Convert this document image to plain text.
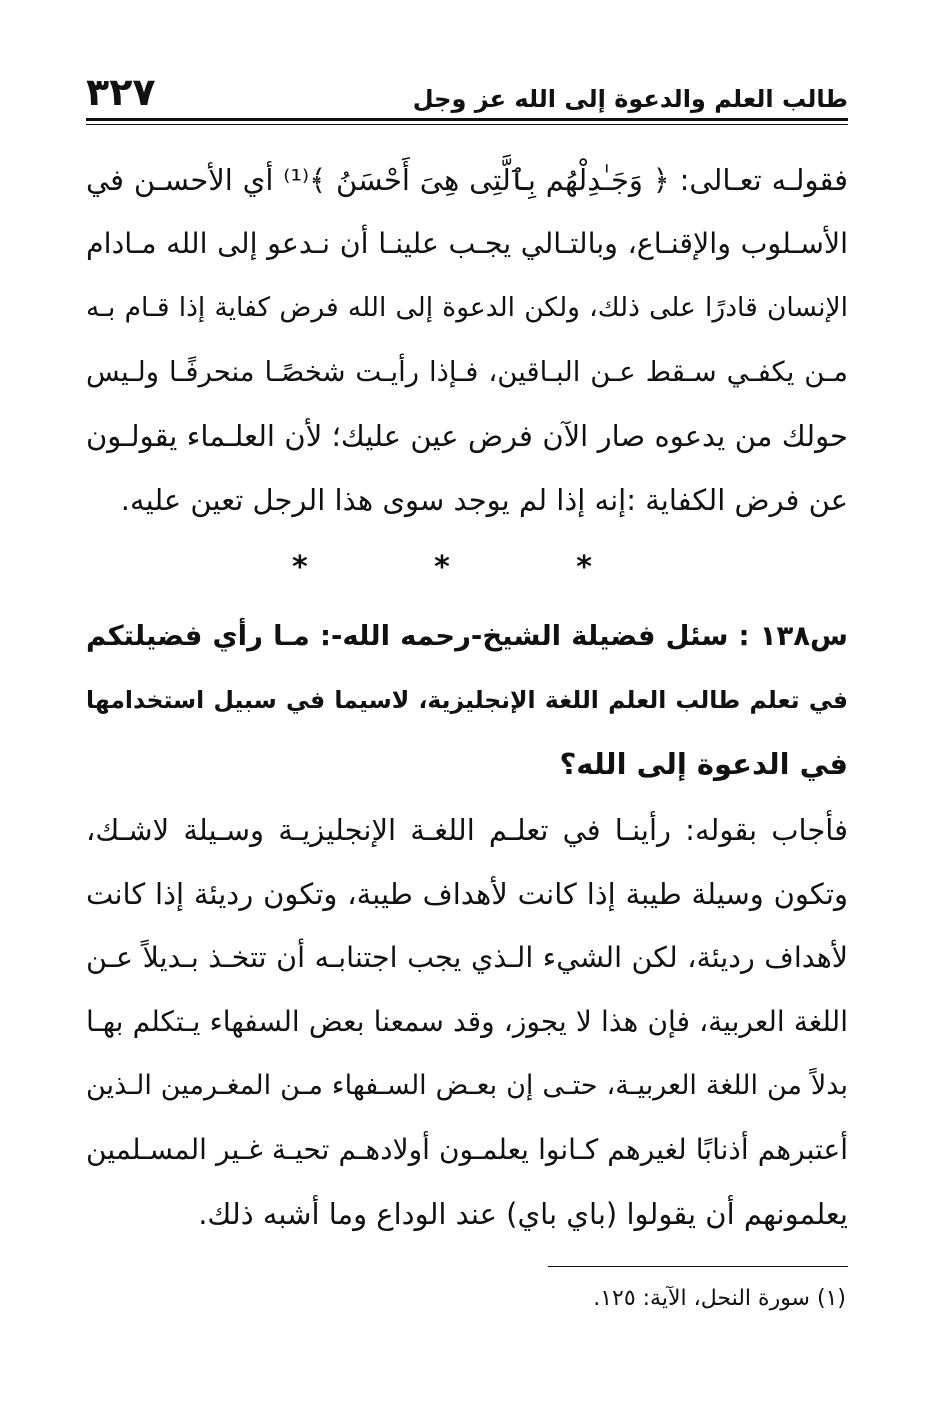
طالب العلم والدعوة إلى الله عز وجل
٣٢٧
فقولـه تعـالى: ﴿ وَجَـٰدِلْهُم بِٱلَّتِى هِىَ أَحْسَنُ ﴾⁽¹⁾ أي الأحسـن في
الأسـلوب والإقنـاع، وبالتـالي يجـب علينـا أن نـدعو إلى الله مـادام
الإنسان قادرًا على ذلك، ولكن الدعوة إلى الله فرض كفاية إذا قـام بـه
مـن يكفـي سـقط عـن البـاقين، فـإذا رأيـت شخصًـا منحرفًـا ولـيس
حولك من يدعوه صار الآن فرض عين عليك؛ لأن العلـماء يقولـون
عن فرض الكفاية :إنه إذا لم يوجد سوى هذا الرجل تعين عليه.
* * *
س١٣٨ : سئل فضيلة الشيخ-رحمه الله-: مـا رأي فضيلتكم
في تعلم طالب العلم اللغة الإنجليزية، لاسيما في سبيل استخدامها
في الدعوة إلى الله؟
فأجاب بقوله: رأينـا في تعلـم اللغـة الإنجليزيـة وسـيلة لاشـك،
وتكون وسيلة طيبة إذا كانت لأهداف طيبة، وتكون رديئة إذا كانت
لأهداف رديئة، لكن الشيء الـذي يجب اجتنابـه أن تتخـذ بـديلاً عـن
اللغة العربية، فإن هذا لا يجوز، وقد سمعنا بعض السفهاء يـتكلم بهـا
بدلاً من اللغة العربيـة، حتـى إن بعـض السـفهاء مـن المغـرمين الـذين
أعتبرهم أذنابًا لغيرهم كـانوا يعلمـون أولادهـم تحيـة غـير المسـلمين
يعلمونهم أن يقولوا (باي باي) عند الوداع وما أشبه ذلك.
(١) سورة النحل، الآية: ١٢٥.
